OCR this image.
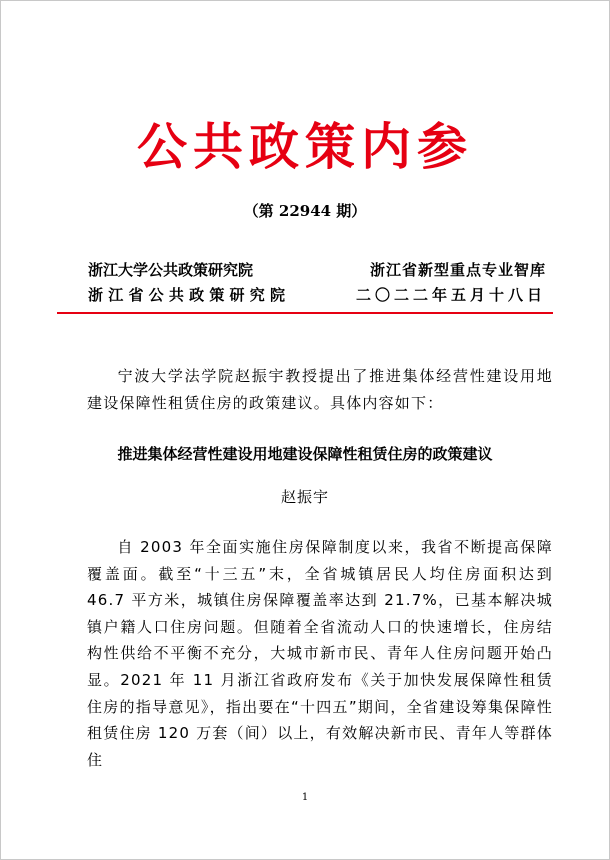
公共政策内参
（第 22944 期）
浙江大学公共政策研究院
浙 江 省 公 共 政 策 研 究 院
浙江省新型重点专业智库
二〇二二年五月十八日
宁波大学法学院赵振宇教授提出了推进集体经营性建设用地建设保障性租赁住房的政策建议。具体内容如下：
推进集体经营性建设用地建设保障性租赁住房的政策建议
赵振宇
自 2003 年全面实施住房保障制度以来，我省不断提高保障覆盖面。截至“十三五”末，全省城镇居民人均住房面积达到 46.7 平方米，城镇住房保障覆盖率达到 21.7%，已基本解决城镇户籍人口住房问题。但随着全省流动人口的快速增长，住房结构性供给不平衡不充分，大城市新市民、青年人住房问题开始凸显。2021 年 11 月浙江省政府发布《关于加快发展保障性租赁住房的指导意见》，指出要在“十四五”期间，全省建设筹集保障性租赁住房 120 万套（间）以上，有效解决新市民、青年人等群体住
1
